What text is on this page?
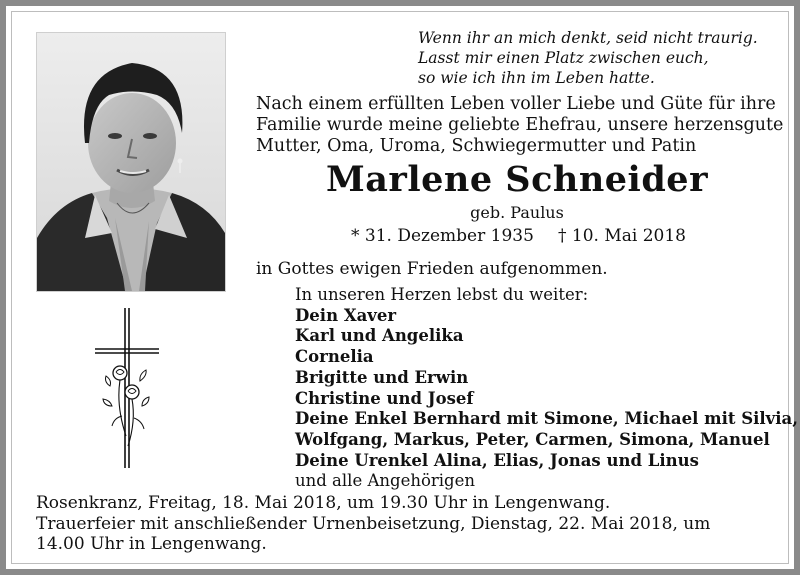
Wenn ihr an mich denkt, seid nicht traurig.
Lasst mir einen Platz zwischen euch,
so wie ich ihn im Leben hatte.
Nach einem erfüllten Leben voller Liebe und Güte für ihre
Familie wurde meine geliebte Ehefrau, unsere herzensgute
Mutter, Oma, Uroma, Schwiegermutter und Patin
Marlene Schneider
geb. Paulus
* 31. Dezember 1935 † 10. Mai 2018
in Gottes ewigen Frieden aufgenommen.
In unseren Herzen lebst du weiter:
Dein Xaver
Karl und Angelika
Cornelia
Brigitte und Erwin
Christine und Josef
Deine Enkel Bernhard mit Simone, Michael mit Silvia,
Wolfgang, Markus, Peter, Carmen, Simona, Manuel
Deine Urenkel Alina, Elias, Jonas und Linus
und alle Angehörigen
Rosenkranz, Freitag, 18. Mai 2018, um 19.30 Uhr in Lengenwang.
Trauerfeier mit anschließender Urnenbeisetzung, Dienstag, 22. Mai 2018, um
14.00 Uhr in Lengenwang.
